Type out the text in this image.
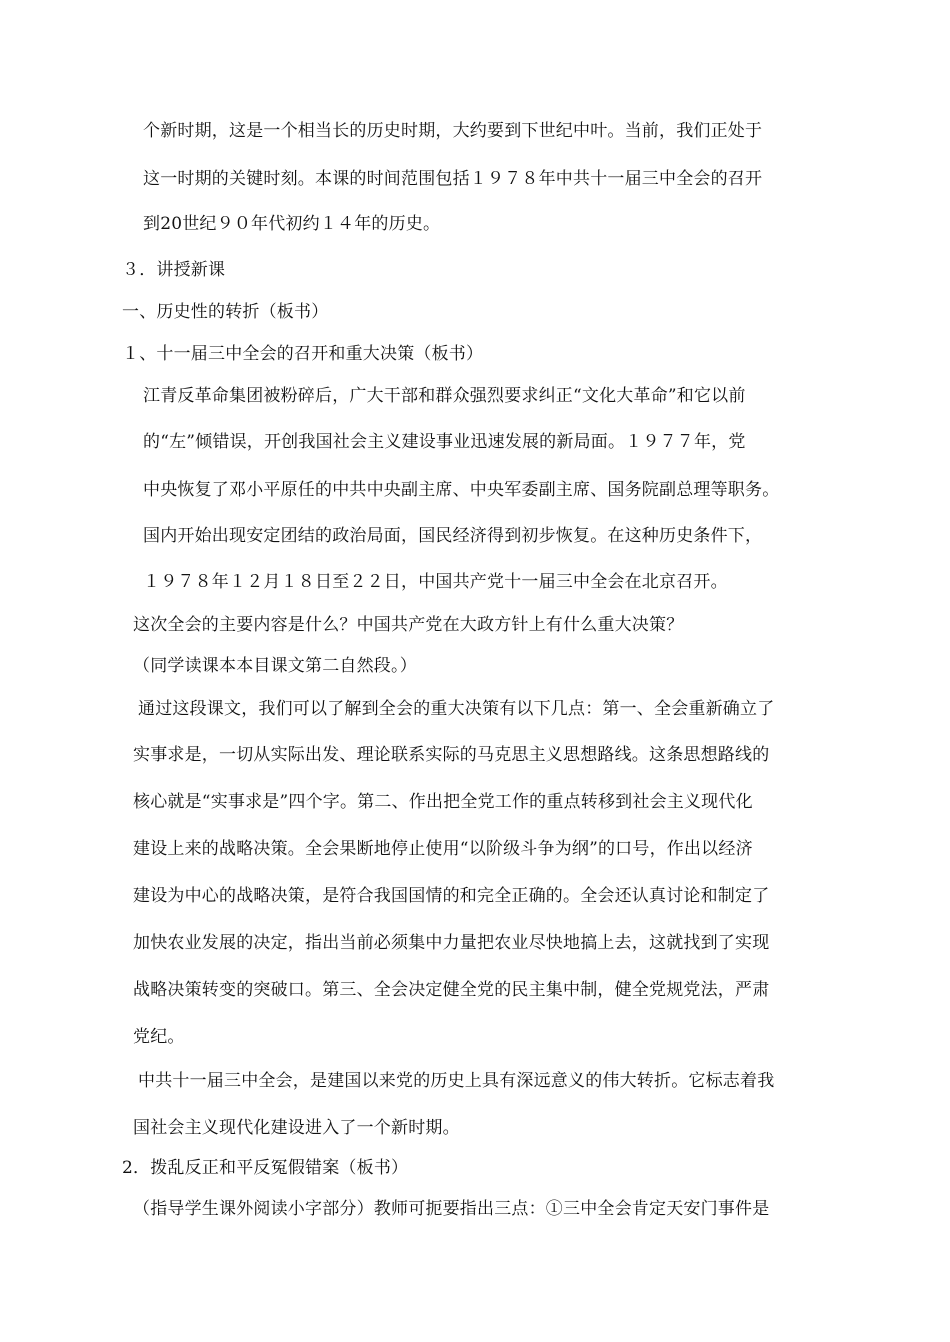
个新时期，这是一个相当长的历史时期，大约要到下世纪中叶。当前，我们正处于
这一时期的关键时刻。本课的时间范围包括１９７８年中共十一届三中全会的召开
到20世纪９０年代初约１４年的历史。
３．讲授新课
一、历史性的转折（板书）
１、十一届三中全会的召开和重大决策（板书）
江青反革命集团被粉碎后，广大干部和群众强烈要求纠正“文化大革命”和它以前
的“左”倾错误，开创我国社会主义建设事业迅速发展的新局面。１９７７年，党
中央恢复了邓小平原任的中共中央副主席、中央军委副主席、国务院副总理等职务。
国内开始出现安定团结的政治局面，国民经济得到初步恢复。在这种历史条件下，
１９７８年１２月１８日至２２日，中国共产党十一届三中全会在北京召开。
这次全会的主要内容是什么？中国共产党在大政方针上有什么重大决策？
（同学读课本本目课文第二自然段。）
通过这段课文，我们可以了解到全会的重大决策有以下几点：第一、全会重新确立了
实事求是，一切从实际出发、理论联系实际的马克思主义思想路线。这条思想路线的
核心就是“实事求是”四个字。第二、作出把全党工作的重点转移到社会主义现代化
建设上来的战略决策。全会果断地停止使用“以阶级斗争为纲”的口号，作出以经济
建设为中心的战略决策，是符合我国国情的和完全正确的。全会还认真讨论和制定了
加快农业发展的决定，指出当前必须集中力量把农业尽快地搞上去，这就找到了实现
战略决策转变的突破口。第三、全会决定健全党的民主集中制，健全党规党法，严肃
党纪。
中共十一届三中全会，是建国以来党的历史上具有深远意义的伟大转折。它标志着我
国社会主义现代化建设进入了一个新时期。
2．拨乱反正和平反冤假错案（板书）
（指导学生课外阅读小字部分）教师可扼要指出三点：①三中全会肯定天安门事件是
